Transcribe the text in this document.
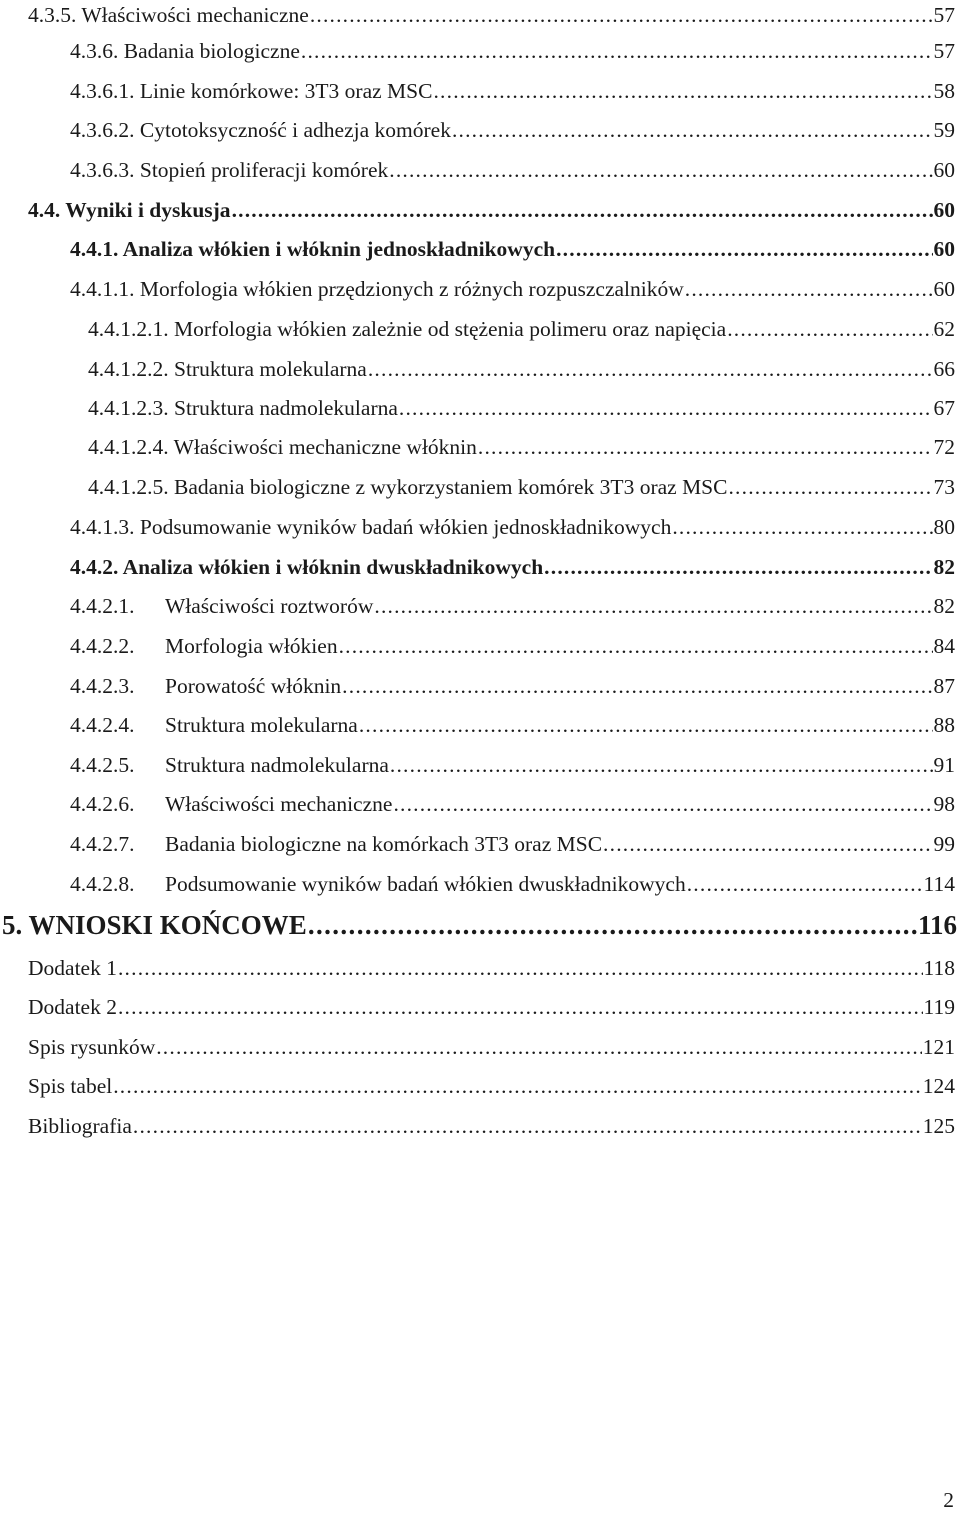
4.3.5. Właściwości mechaniczne .....	57
4.3.6. Badania biologiczne .....	57
4.3.6.1. Linie komórkowe: 3T3 oraz MSC .....	58
4.3.6.2. Cytotoksyczność i adhezja komórek .....	59
4.3.6.3. Stopień proliferacji komórek .....	60
4.4. Wyniki i dyskusja .....	60
4.4.1. Analiza włókien i włóknin jednoskładnikowych .....	60
4.4.1.1. Morfologia włókien przędzionych z różnych rozpuszczalników .....	60
4.4.1.2.1. Morfologia włókien zależnie od stężenia polimeru oraz napięcia .....	62
4.4.1.2.2. Struktura molekularna .....	66
4.4.1.2.3. Struktura nadmolekularna .....	67
4.4.1.2.4. Właściwości mechaniczne włóknin .....	72
4.4.1.2.5. Badania biologiczne z wykorzystaniem komórek 3T3 oraz MSC .....	73
4.4.1.3. Podsumowanie wyników badań włókien jednoskładnikowych .....	80
4.4.2. Analiza włókien i włóknin dwuskładnikowych .....	82
4.4.2.1. Właściwości roztworów .....	82
4.4.2.2. Morfologia włókien .....	84
4.4.2.3. Porowatość włóknin .....	87
4.4.2.4. Struktura molekularna .....	88
4.4.2.5. Struktura nadmolekularna .....	91
4.4.2.6. Właściwości mechaniczne .....	98
4.4.2.7. Badania biologiczne na komórkach 3T3 oraz MSC .....	99
4.4.2.8. Podsumowanie wyników badań włókien dwuskładnikowych .....	114
5. WNIOSKI KOŃCOWE .....	116
Dodatek 1 .....	118
Dodatek 2 .....	119
Spis rysunków .....	121
Spis tabel .....	124
Bibliografia .....	125
2
